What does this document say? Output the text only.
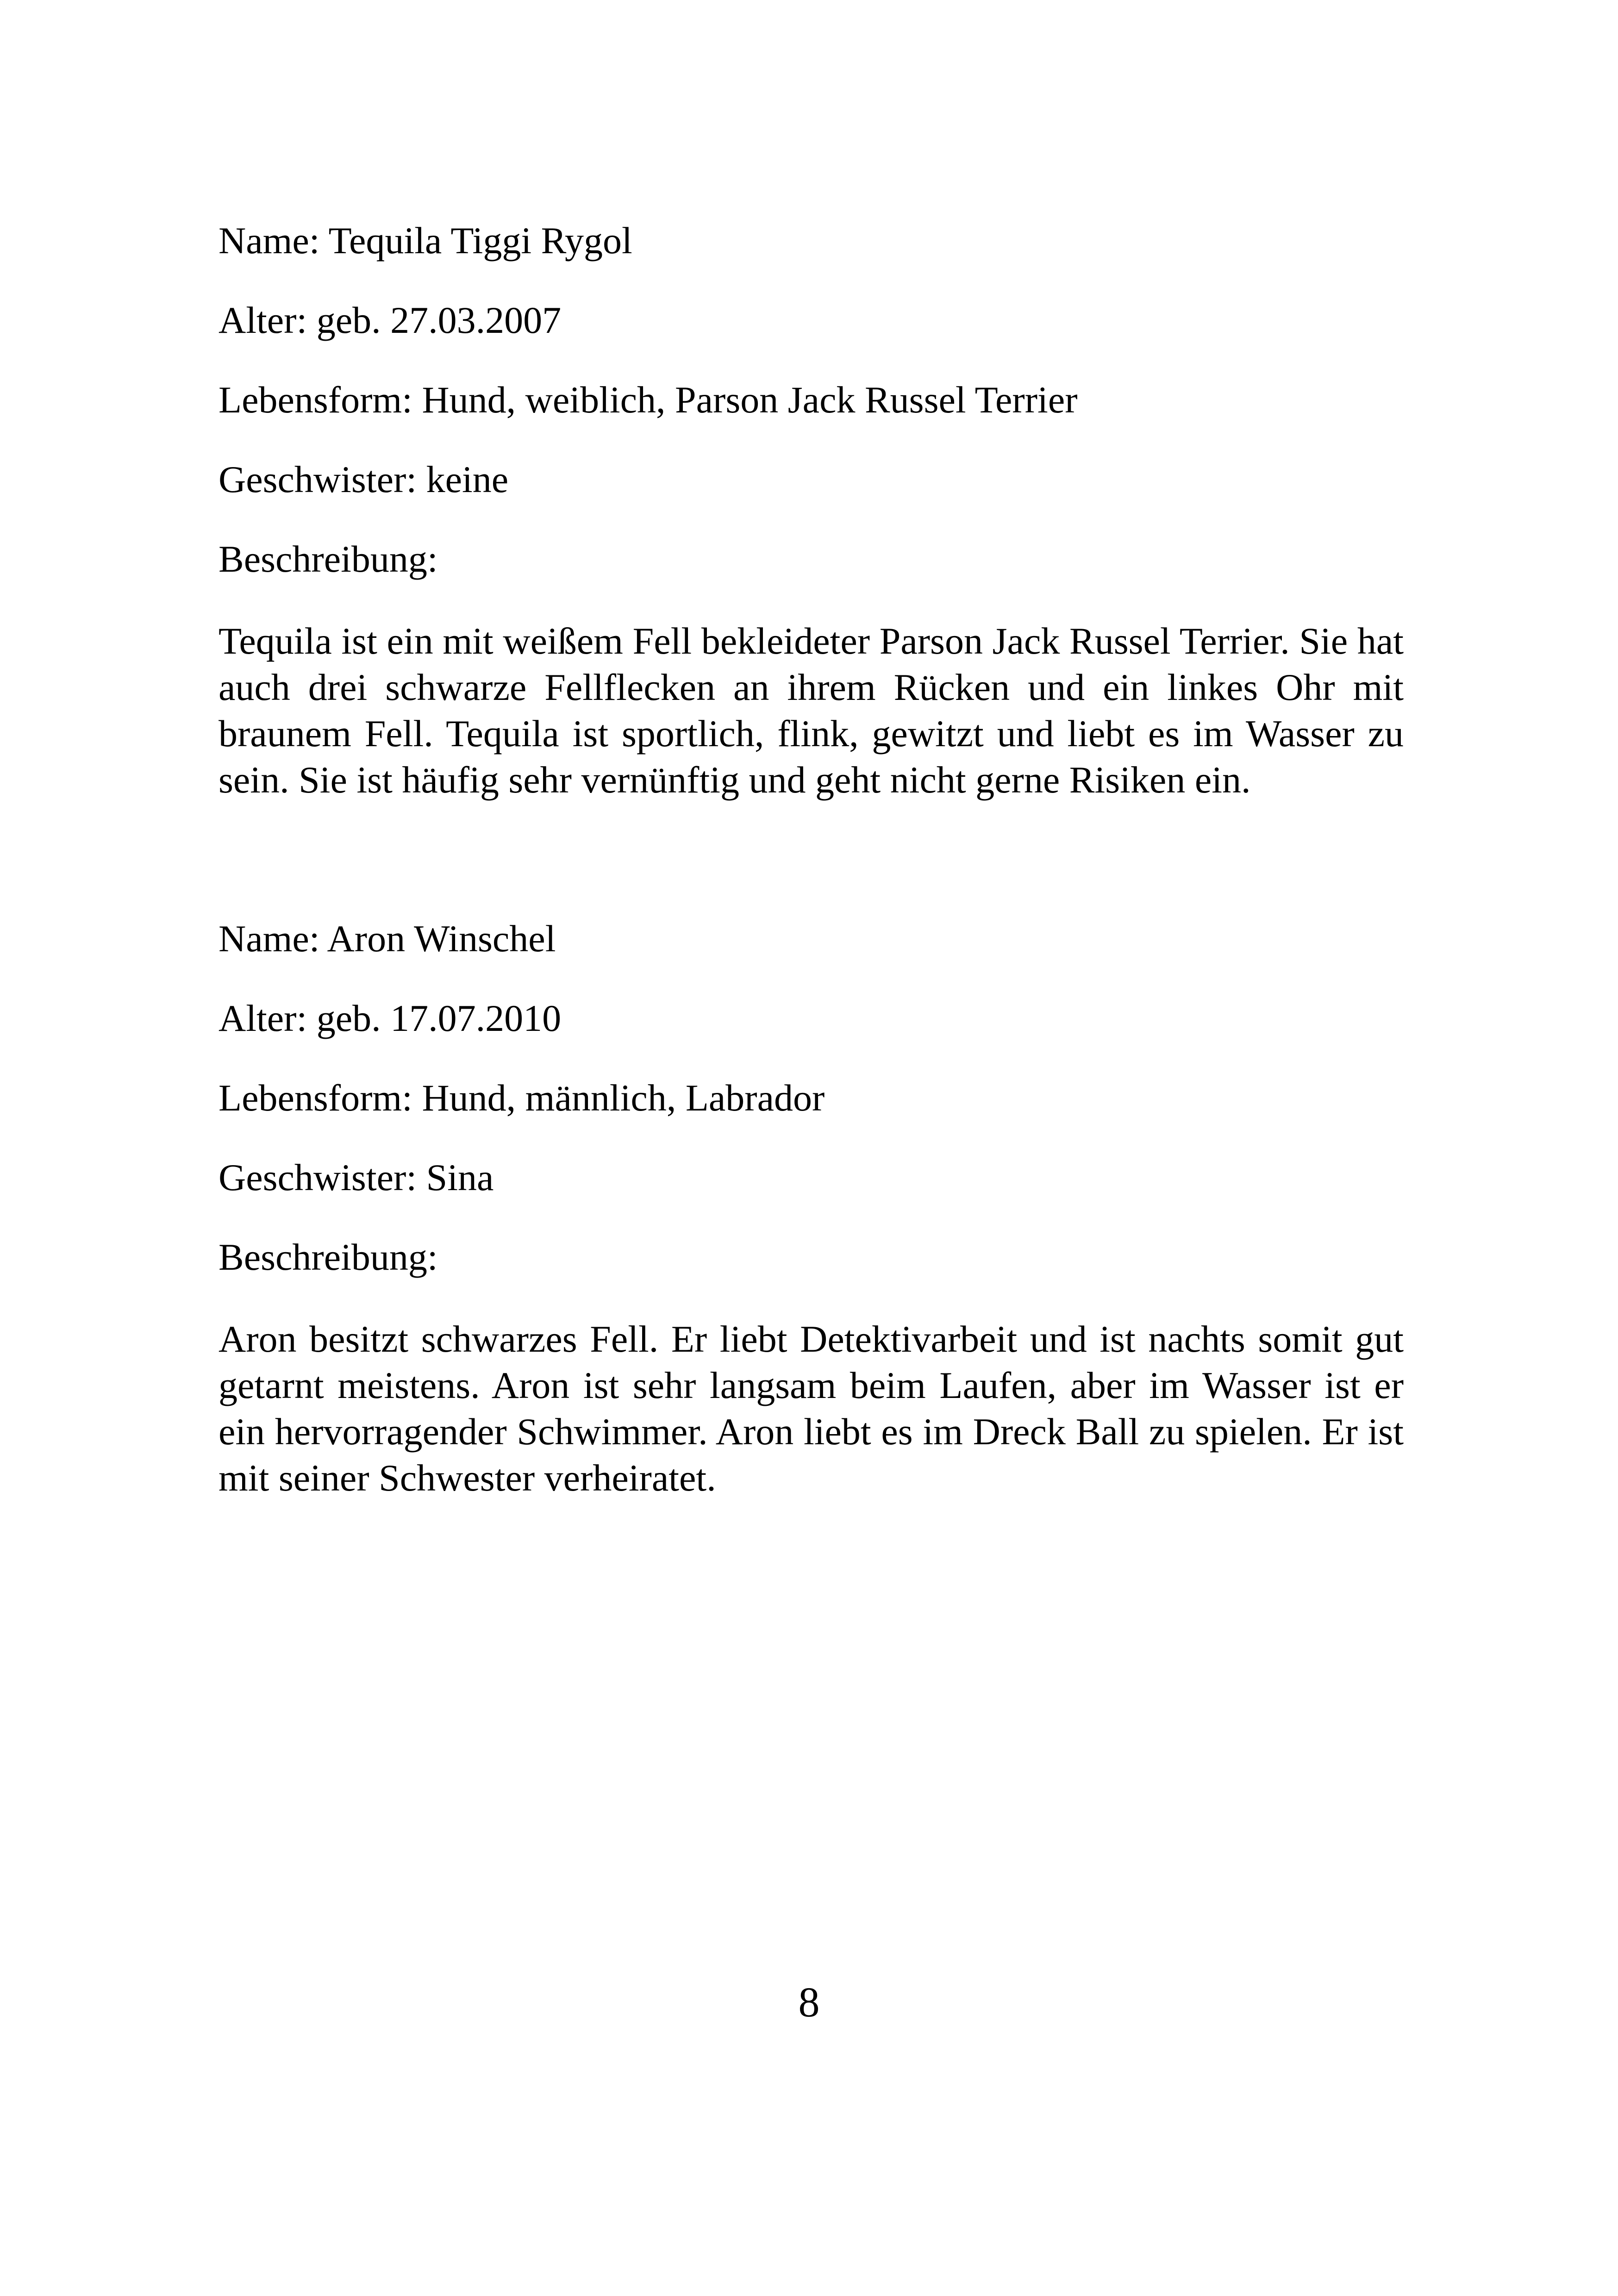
Name: Tequila Tiggi Rygol
Alter: geb. 27.03.2007
Lebensform: Hund, weiblich, Parson Jack Russel Terrier
Geschwister: keine
Beschreibung:
Tequila ist ein mit weißem Fell bekleideter Parson Jack Russel Terrier. Sie hat auch drei schwarze Fellflecken an ihrem Rücken und ein linkes Ohr mit braunem Fell. Tequila ist sportlich, flink, gewitzt und liebt es im Wasser zu sein. Sie ist häufig sehr vernünftig und geht nicht gerne Risiken ein.
Name: Aron Winschel
Alter: geb. 17.07.2010
Lebensform: Hund, männlich, Labrador
Geschwister: Sina
Beschreibung:
Aron besitzt schwarzes Fell. Er liebt Detektivarbeit und ist nachts somit gut getarnt meistens. Aron ist sehr langsam beim Laufen, aber im Wasser ist er ein hervorragender Schwimmer. Aron liebt es im Dreck Ball zu spielen. Er ist mit seiner Schwester verheiratet.
8
